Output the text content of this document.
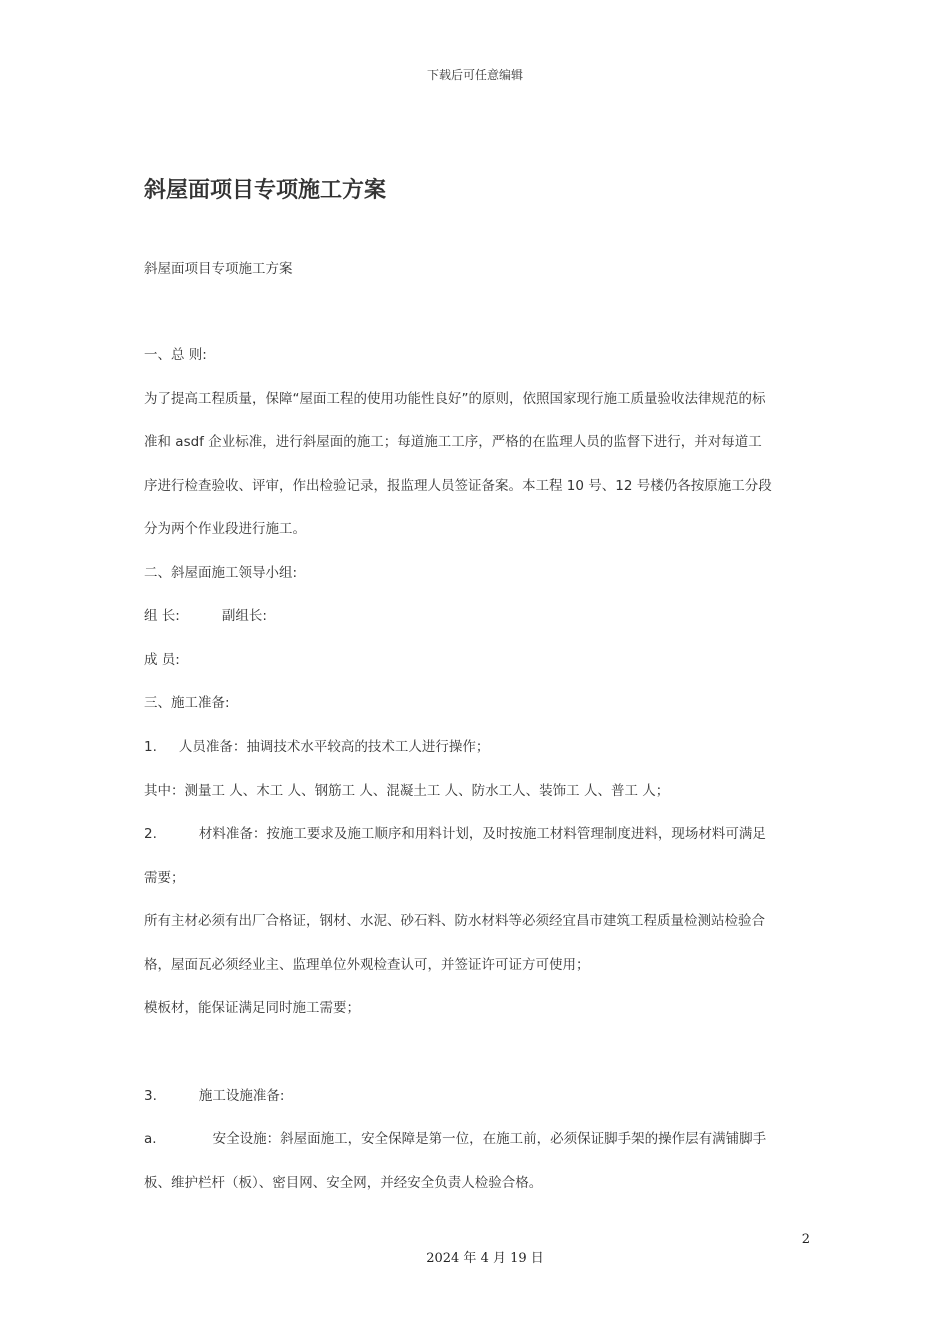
下载后可任意编辑
斜屋面项目专项施工方案
斜屋面项目专项施工方案
一、总 则:
为了提高工程质量，保障“屋面工程的使用功能性良好”的原则，依照国家现行施工质量验收法律规范的标
准和 asdf 企业标准，进行斜屋面的施工；每道施工工序，严格的在监理人员的监督下进行，并对每道工
序进行检查验收、评审，作出检验记录，报监理人员签证备案。本工程 10 号、12 号楼仍各按原施工分段
分为两个作业段进行施工。
二、斜屋面施工领导小组:
组 长:	副组长:
成 员:
三、施工准备:
1. 人员准备：抽调技术水平较高的技术工人进行操作；
其中：测量工 人、木工 人、钢筋工 人、混凝土工 人、防水工人、装饰工 人、普工 人；
2.	材料准备：按施工要求及施工顺序和用料计划，及时按施工材料管理制度进料，现场材料可满足
需要；
所有主材必须有出厂合格证，钢材、水泥、砂石料、防水材料等必须经宜昌市建筑工程质量检测站检验合
格，屋面瓦必须经业主、监理单位外观检查认可，并签证许可证方可使用；
模板材，能保证满足同时施工需要；
3.	施工设施准备:
a.	安全设施：斜屋面施工，安全保障是第一位，在施工前，必须保证脚手架的操作层有满铺脚手
板、维护栏杆（板）、密目网、安全网，并经安全负责人检验合格。
2
2024 年 4 月 19 日
